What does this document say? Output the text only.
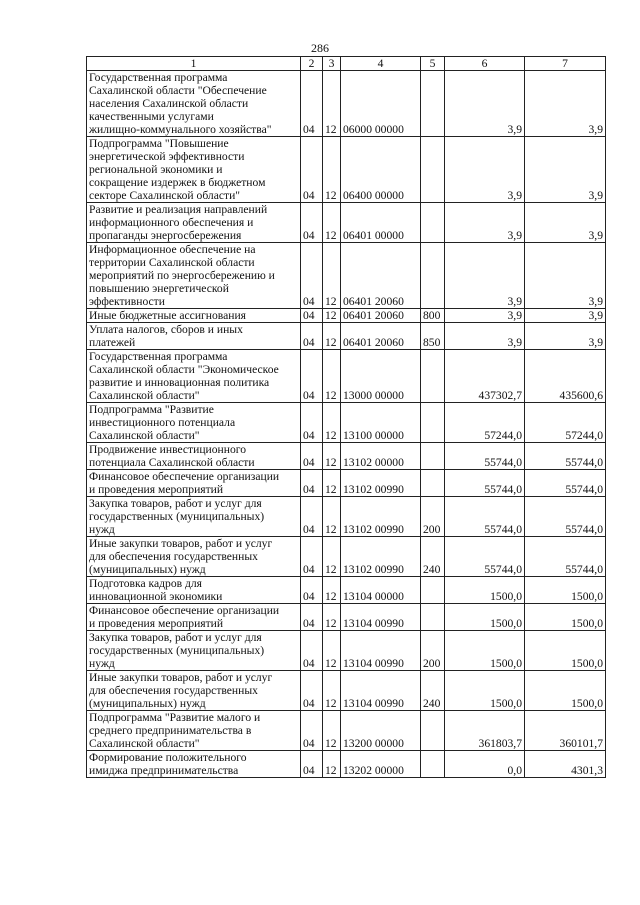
286
1	2	3	4	5	6	7
Государственная программа
Сахалинской области "Обеспечение
населения Сахалинской области
качественными услугами
жилищно-коммунального хозяйства"	04	12	06000 00000		3,9	3,9
Подпрограмма "Повышение
энергетической эффективности
региональной экономики и
сокращение издержек в бюджетном
секторе Сахалинской области"	04	12	06400 00000		3,9	3,9
Развитие и реализация направлений
информационного обеспечения и
пропаганды энергосбережения	04	12	06401 00000		3,9	3,9
Информационное обеспечение на
территории Сахалинской области
мероприятий по энергосбережению и
повышению энергетической
эффективности	04	12	06401 20060		3,9	3,9
Иные бюджетные ассигнования	04	12	06401 20060	800	3,9	3,9
Уплата налогов, сборов и иных
платежей	04	12	06401 20060	850	3,9	3,9
Государственная программа
Сахалинской области "Экономическое
развитие и инновационная политика
Сахалинской области"	04	12	13000 00000		437302,7	435600,6
Подпрограмма "Развитие
инвестиционного потенциала
Сахалинской области"	04	12	13100 00000		57244,0	57244,0
Продвижение инвестиционного
потенциала Сахалинской области	04	12	13102 00000		55744,0	55744,0
Финансовое обеспечение организации
и проведения мероприятий	04	12	13102 00990		55744,0	55744,0
Закупка товаров, работ и услуг для
государственных (муниципальных)
нужд	04	12	13102 00990	200	55744,0	55744,0
Иные закупки товаров, работ и услуг
для обеспечения государственных
(муниципальных) нужд	04	12	13102 00990	240	55744,0	55744,0
Подготовка кадров для
инновационной экономики	04	12	13104 00000		1500,0	1500,0
Финансовое обеспечение организации
и проведения мероприятий	04	12	13104 00990		1500,0	1500,0
Закупка товаров, работ и услуг для
государственных (муниципальных)
нужд	04	12	13104 00990	200	1500,0	1500,0
Иные закупки товаров, работ и услуг
для обеспечения государственных
(муниципальных) нужд	04	12	13104 00990	240	1500,0	1500,0
Подпрограмма "Развитие малого и
среднего предпринимательства в
Сахалинской области"	04	12	13200 00000		361803,7	360101,7
Формирование положительного
имиджа предпринимательства	04	12	13202 00000		0,0	4301,3
